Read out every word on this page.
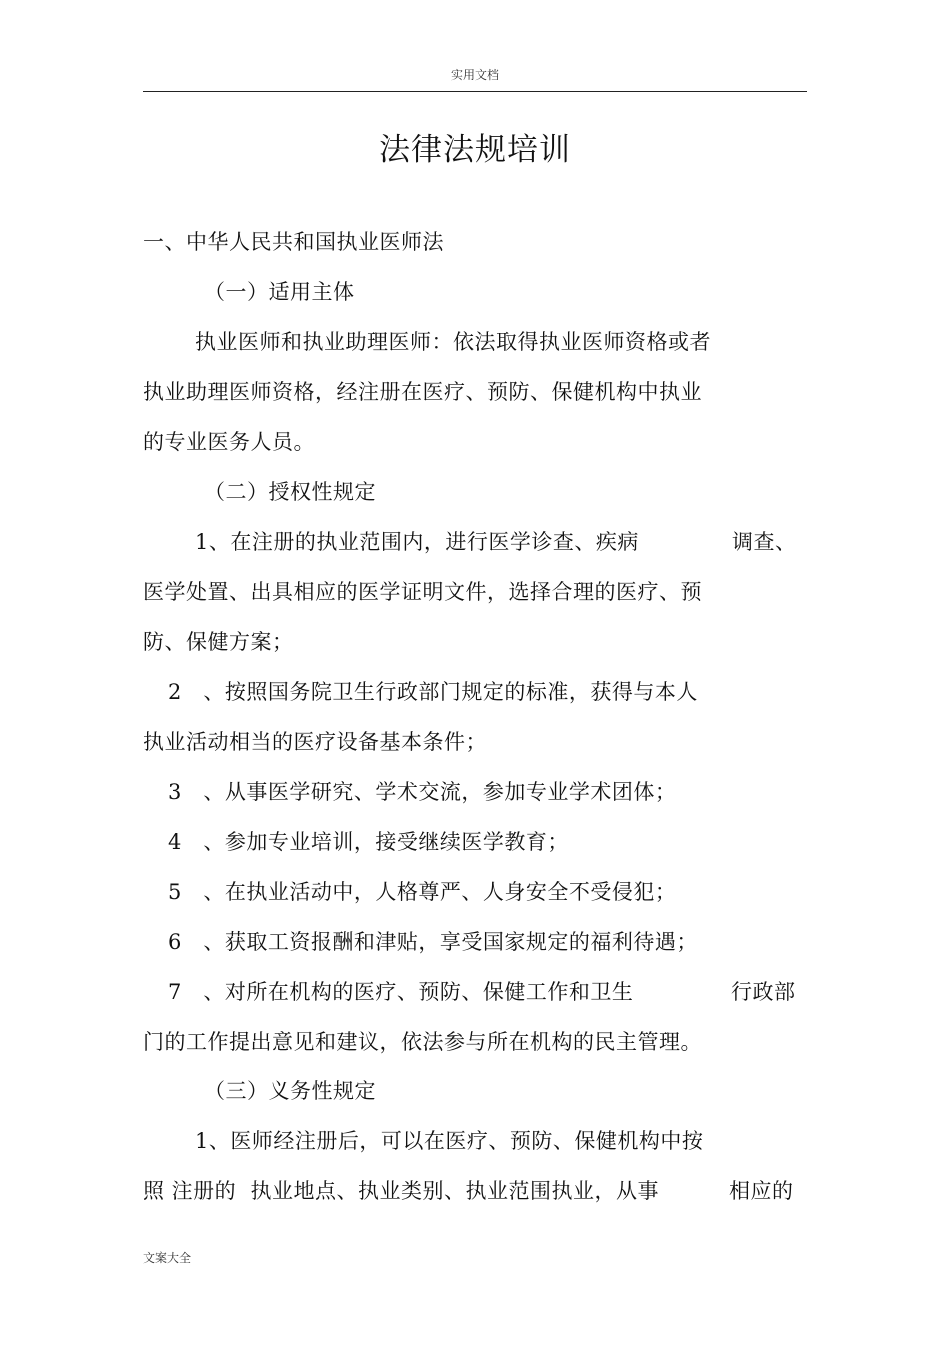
实用文档
法律法规培训
一、中华人民共和国执业医师法
（一）适用主体
执业医师和执业助理医师：依法取得执业医师资格或者
执业助理医师资格，经注册在医疗、预防、保健机构中执业
的专业医务人员。
（二）授权性规定
1、在注册的执业范围内，进行医学诊查、疾病	调查、
医学处置、出具相应的医学证明文件，选择合理的医疗、预
防、保健方案；
2　、按照国务院卫生行政部门规定的标准，获得与本人
执业活动相当的医疗设备基本条件；
3　、从事医学研究、学术交流，参加专业学术团体；
4　、参加专业培训，接受继续医学教育；
5　、在执业活动中，人格尊严、人身安全不受侵犯；
6　、获取工资报酬和津贴，享受国家规定的福利待遇；
7　、对所在机构的医疗、预防、保健工作和卫生	行政部
门的工作提出意见和建议，依法参与所在机构的民主管理。
（三）义务性规定
1、医师经注册后，可以在医疗、预防、保健机构中按
照 注册的  执业地点、执业类别、执业范围执业，从事	相应的
文案大全
